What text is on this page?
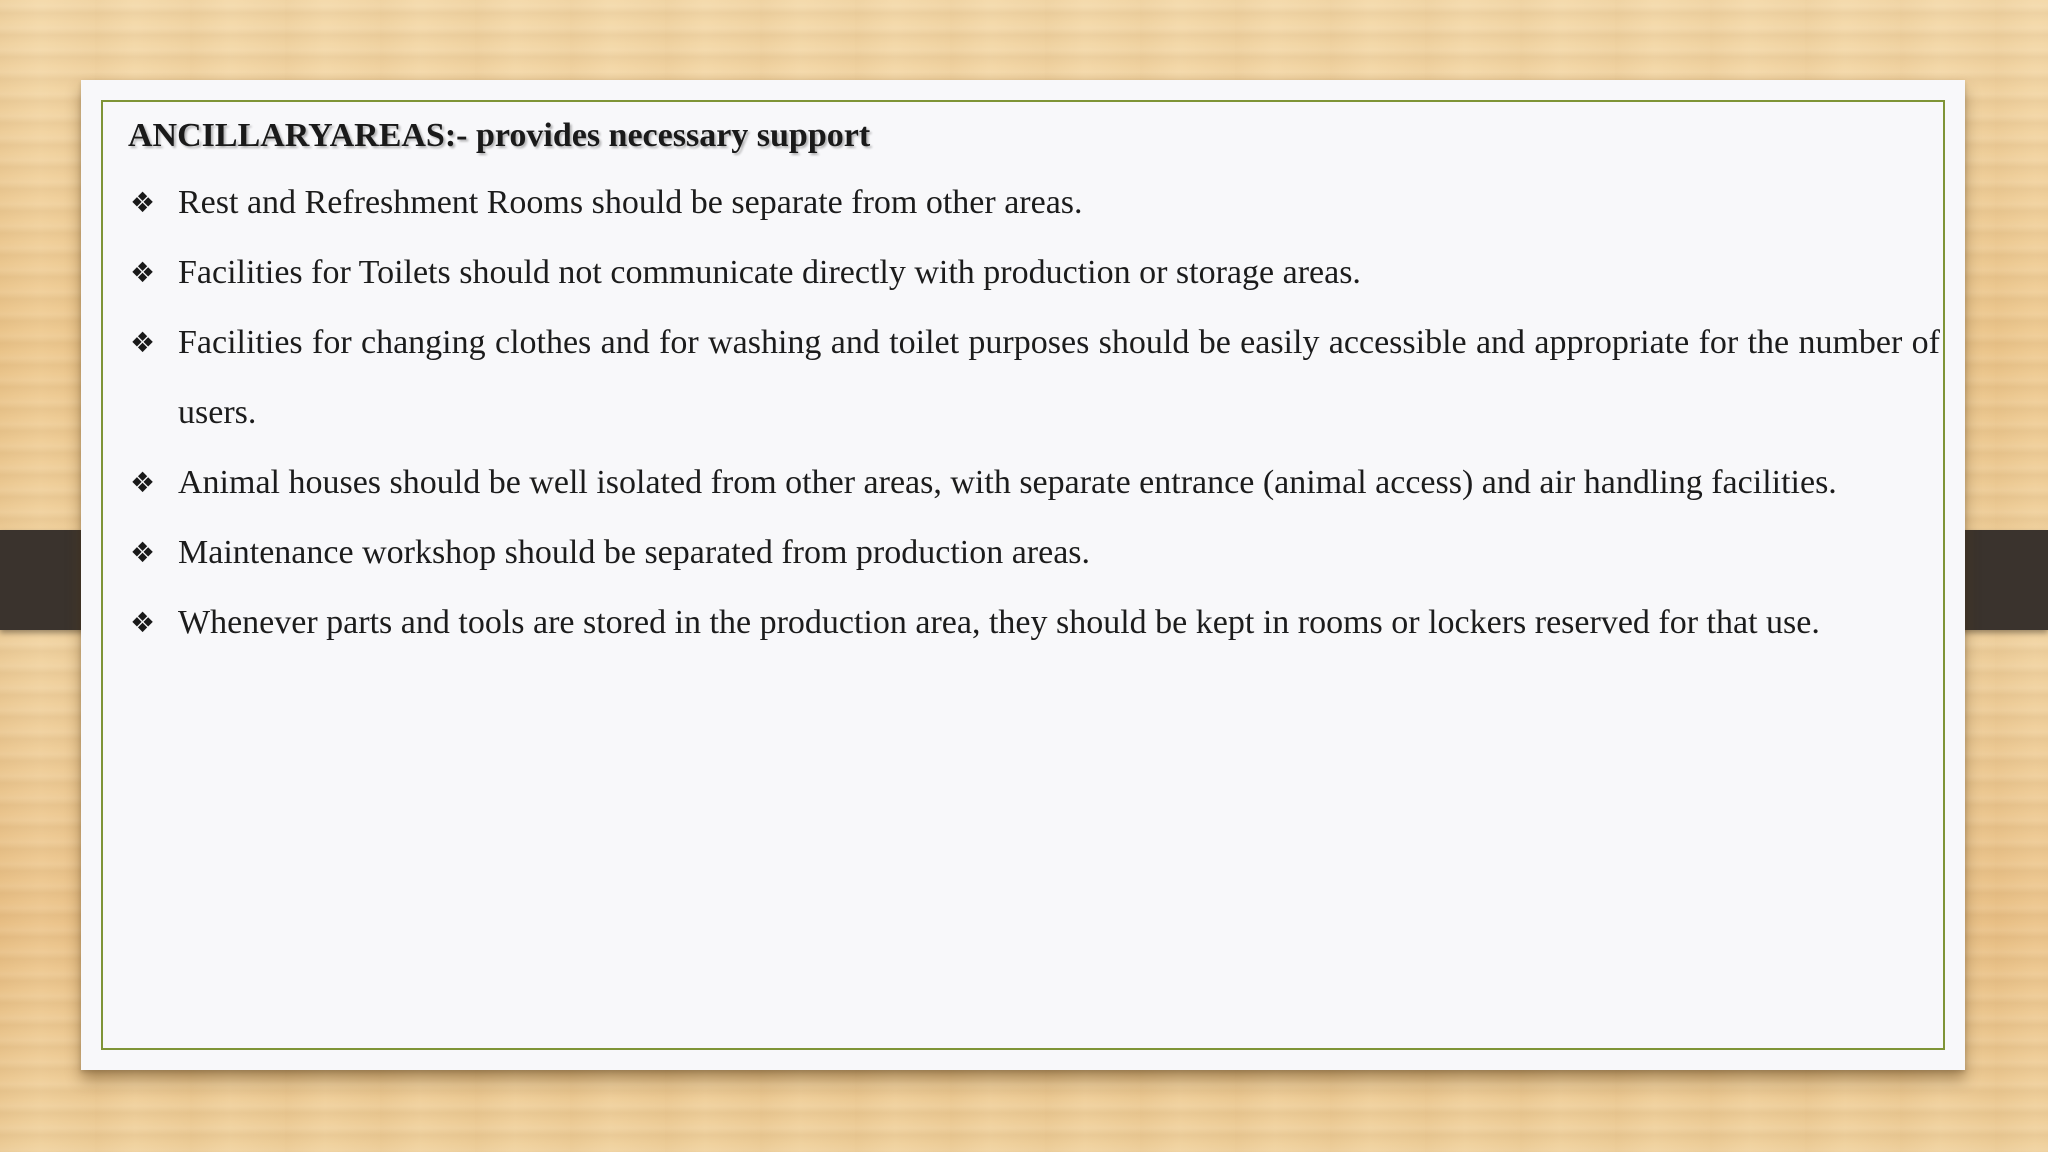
ANCILLARYAREAS:- provides necessary support

❖ Rest and Refreshment Rooms should be separate from other areas.
❖ Facilities for Toilets should not communicate directly with production or storage areas.
❖ Facilities for changing clothes and for washing and toilet purposes should be easily accessible and appropriate for the number of users.
❖ Animal houses should be well isolated from other areas, with separate entrance (animal access) and air handling facilities.
❖ Maintenance workshop should be separated from production areas.
❖ Whenever parts and tools are stored in the production area, they should be kept in rooms or lockers reserved for that use.
